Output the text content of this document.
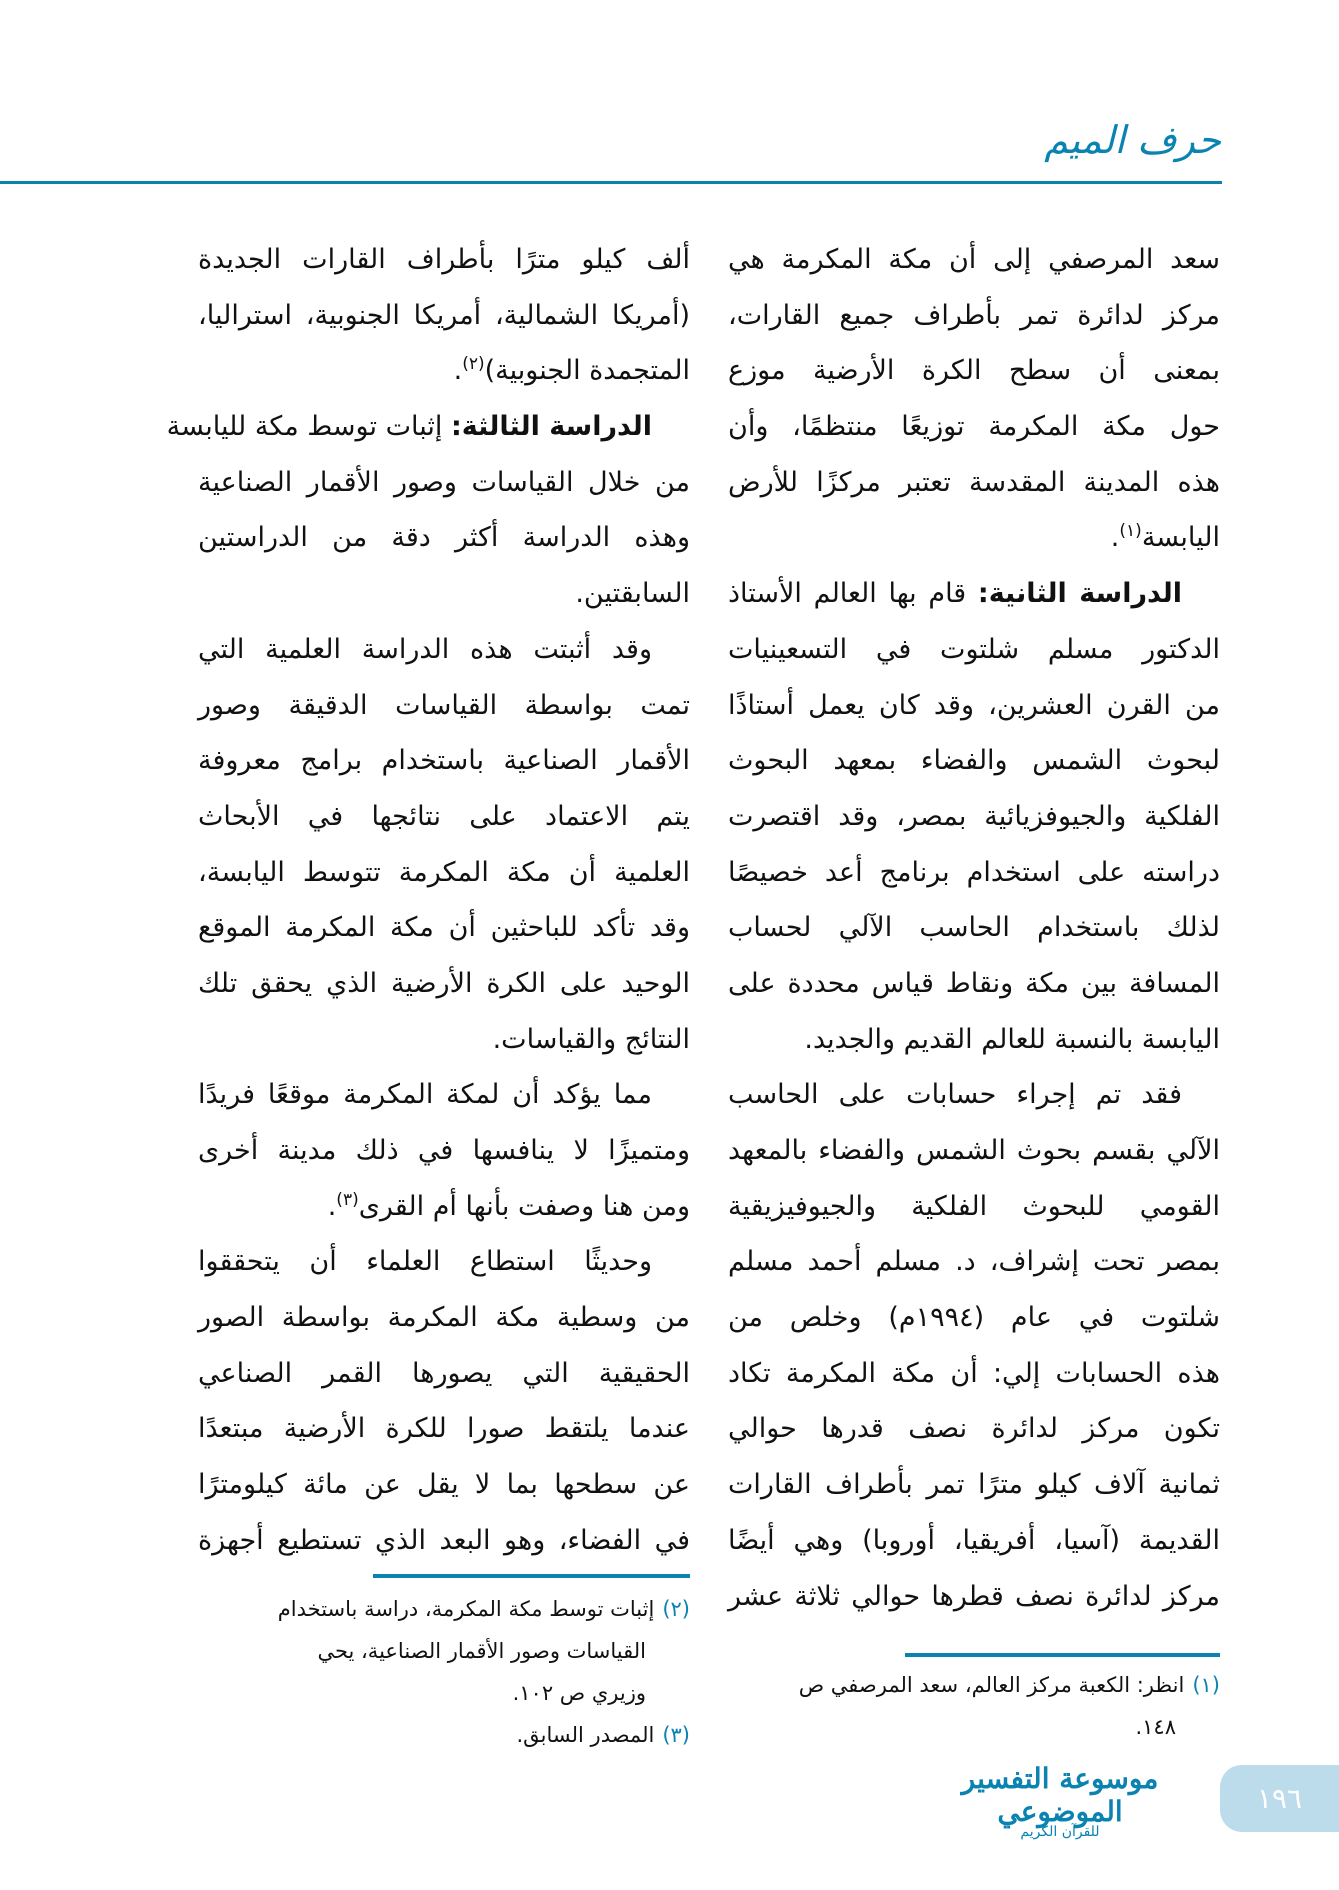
حرف الميم
سعد المرصفي إلى أن مكة المكرمة هي
مركز لدائرة تمر بأطراف جميع القارات،
بمعنى أن سطح الكرة الأرضية موزع
حول مكة المكرمة توزيعًا منتظمًا، وأن
هذه المدينة المقدسة تعتبر مركزًا للأرض
اليابسة$^{(١)}$.
الدراسة الثانية: قام بها العالم الأستاذ
الدكتور مسلم شلتوت في التسعينيات
من القرن العشرين، وقد كان يعمل أستاذًا
لبحوث الشمس والفضاء بمعهد البحوث
الفلكية والجيوفزيائية بمصر، وقد اقتصرت
دراسته على استخدام برنامج أعد خصيصًا
لذلك باستخدام الحاسب الآلي لحساب
المسافة بين مكة ونقاط قياس محددة على
اليابسة بالنسبة للعالم القديم والجديد.
فقد تم إجراء حسابات على الحاسب
الآلي بقسم بحوث الشمس والفضاء بالمعهد
القومي للبحوث الفلكية والجيوفيزيقية
بمصر تحت إشراف، د. مسلم أحمد مسلم
شلتوت في عام (١٩٩٤م) وخلص من
هذه الحسابات إلي: أن مكة المكرمة تكاد
تكون مركز لدائرة نصف قدرها حوالي
ثمانية آلاف كيلو مترًا تمر بأطراف القارات
القديمة (آسيا، أفريقيا، أوروبا) وهي أيضًا
مركز لدائرة نصف قطرها حوالي ثلاثة عشر
ألف كيلو مترًا بأطراف القارات الجديدة
(أمريكا الشمالية، أمريكا الجنوبية، استراليا،
المتجمدة الجنوبية)$^{(٢)}$.
الدراسة الثالثة: إثبات توسط مكة لليابسة
من خلال القياسات وصور الأقمار الصناعية
وهذه الدراسة أكثر دقة من الدراستين
السابقتين.
وقد أثبتت هذه الدراسة العلمية التي
تمت بواسطة القياسات الدقيقة وصور
الأقمار الصناعية باستخدام برامج معروفة
يتم الاعتماد على نتائجها في الأبحاث
العلمية أن مكة المكرمة تتوسط اليابسة،
وقد تأكد للباحثين أن مكة المكرمة الموقع
الوحيد على الكرة الأرضية الذي يحقق تلك
النتائج والقياسات.
مما يؤكد أن لمكة المكرمة موقعًا فريدًا
ومتميزًا لا ينافسها في ذلك مدينة أخرى
ومن هنا وصفت بأنها أم القرى$^{(٣)}$.
وحديثًا استطاع العلماء أن يتحققوا
من وسطية مكة المكرمة بواسطة الصور
الحقيقية التي يصورها القمر الصناعي
عندما يلتقط صورا للكرة الأرضية مبتعدًا
عن سطحها بما لا يقل عن مائة كيلومترًا
في الفضاء، وهو البعد الذي تستطيع أجهزة
(٢)إثبات توسط مكة المكرمة، دراسة باستخدام
القياسات وصور الأقمار الصناعية، يحي
وزيري ص ١٠٢.
(٣)المصدر السابق.
(١)انظر: الكعبة مركز العالم، سعد المرصفي ص
١٤٨.
موسوعة التفسير الموضوعي
للقرآن الكريم
١٩٦
